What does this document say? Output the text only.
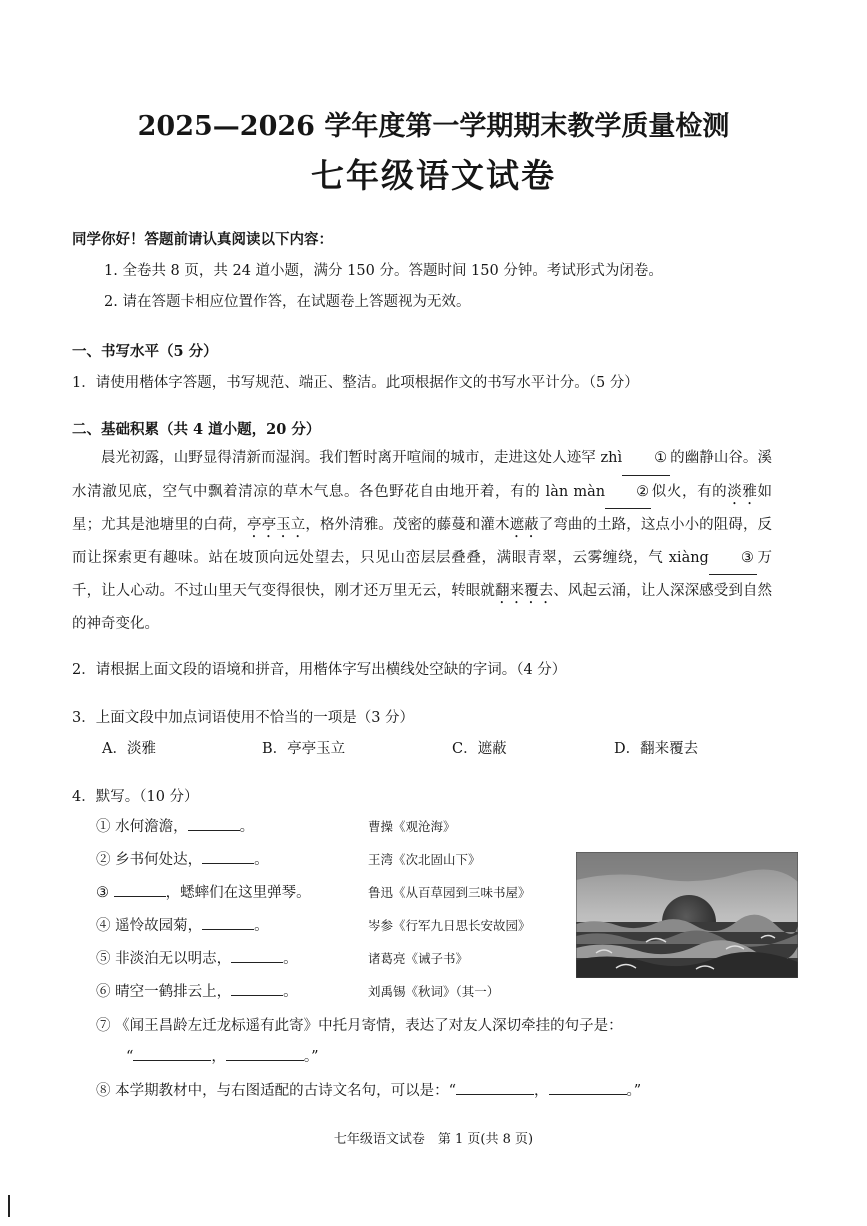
2025—2026 学年度第一学期期末教学质量检测
七年级语文试卷
同学你好！答题前请认真阅读以下内容：
1. 全卷共 8 页，共 24 道小题，满分 150 分。答题时间 150 分钟。考试形式为闭卷。
2. 请在答题卡相应位置作答，在试题卷上答题视为无效。
一、书写水平（5 分）
1．请使用楷体字答题，书写规范、端正、整洁。此项根据作文的书写水平计分。（5 分）
二、基础积累（共 4 道小题，20 分）
晨光初露，山野显得清新而湿润。我们暂时离开喧闹的城市，走进这处人迹罕 zhì ① 的幽静山谷。溪水清澈见底，空气中飘着清凉的草木气息。各色野花自由地开着，有的 làn màn ② 似火，有的淡雅如星；尤其是池塘里的白荷，亭亭玉立，格外清雅。茂密的藤蔓和灌木遮蔽了弯曲的土路，这点小小的阻碍，反而让探索更有趣味。站在坡顶向远处望去，只见山峦层层叠叠，满眼青翠，云雾缠绕，气 xiàng ③ 万千，让人心动。不过山里天气变得很快，刚才还万里无云，转眼就翻来覆去、风起云涌，让人深深感受到自然的神奇变化。
2．请根据上面文段的语境和拼音，用楷体字写出横线处空缺的字词。（4 分）
3．上面文段中加点词语使用不恰当的一项是（3 分）
A．淡雅	B．亭亭玉立	C．遮蔽	D．翻来覆去
4．默写。（10 分）
① 水何澹澹，	。	曹操《观沧海》
② 乡书何处达，	。	王湾《次北固山下》
③	，蟋蟀们在这里弹琴。	鲁迅《从百草园到三味书屋》
④ 遥怜故园菊，	。	岑参《行军九日思长安故园》
⑤ 非淡泊无以明志，	。	诸葛亮《诫子书》
⑥ 晴空一鹤排云上，	。	刘禹锡《秋词》（其一）
⑦ 《闻王昌龄左迁龙标遥有此寄》中托月寄情，表达了对友人深切牵挂的句子是：
“	，	。”
⑧ 本学期教材中，与右图适配的古诗文名句，可以是：“	，	。”
七年级语文试卷　第 1 页(共 8 页)
